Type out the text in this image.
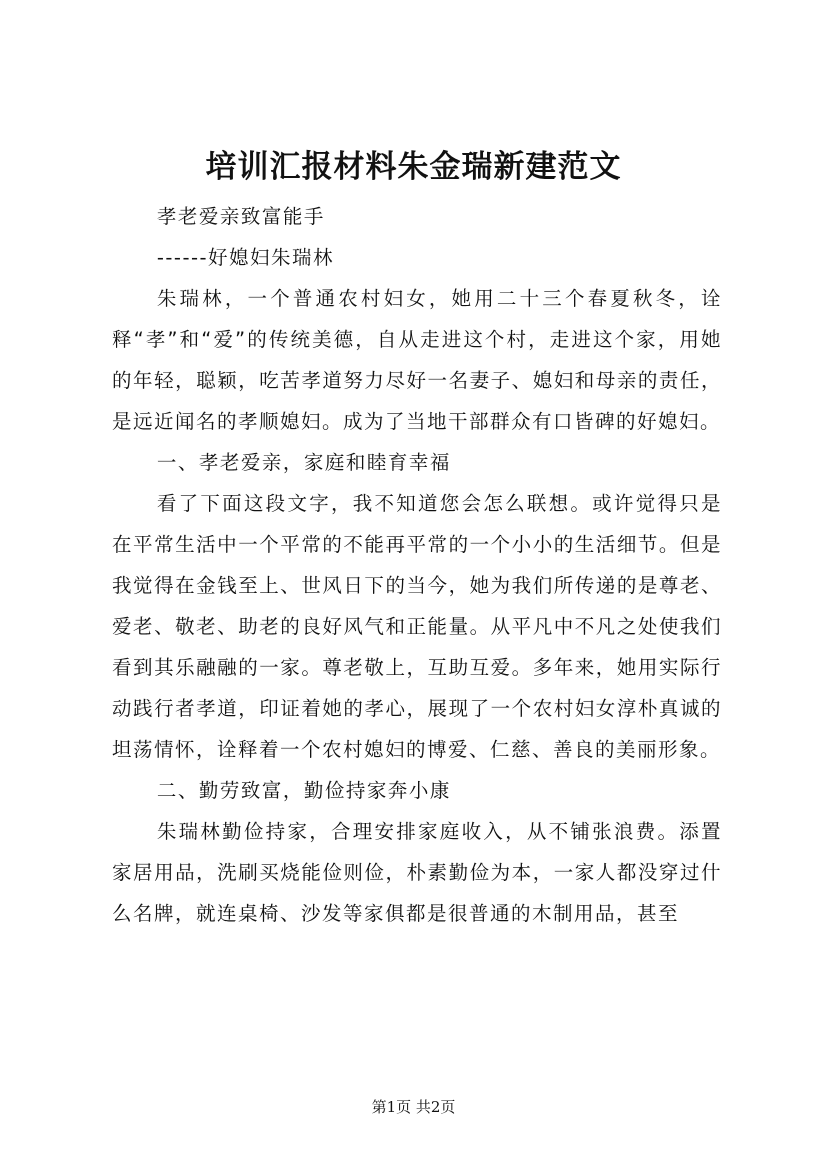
培训汇报材料朱金瑞新建范文

孝老爱亲致富能手

------好媳妇朱瑞林

朱瑞林，一个普通农村妇女，她用二十三个春夏秋冬，诠释“孝”和“爱”的传统美德，自从走进这个村，走进这个家，用她的年轻，聪颖，吃苦孝道努力尽好一名妻子、媳妇和母亲的责任，是远近闻名的孝顺媳妇。成为了当地干部群众有口皆碑的好媳妇。

一、孝老爱亲，家庭和睦育幸福

看了下面这段文字，我不知道您会怎么联想。或许觉得只是在平常生活中一个平常的不能再平常的一个小小的生活细节。但是我觉得在金钱至上、世风日下的当今，她为我们所传递的是尊老、爱老、敬老、助老的良好风气和正能量。从平凡中不凡之处使我们看到其乐融融的一家。尊老敬上，互助互爱。多年来，她用实际行动践行者孝道，印证着她的孝心，展现了一个农村妇女淳朴真诚的坦荡情怀，诠释着一个农村媳妇的博爱、仁慈、善良的美丽形象。

二、勤劳致富，勤俭持家奔小康

朱瑞林勤俭持家，合理安排家庭收入，从不铺张浪费。添置家居用品，洗刷买烧能俭则俭，朴素勤俭为本，一家人都没穿过什么名牌，就连桌椅、沙发等家俱都是很普通的木制用品，甚至

第1页 共2页
